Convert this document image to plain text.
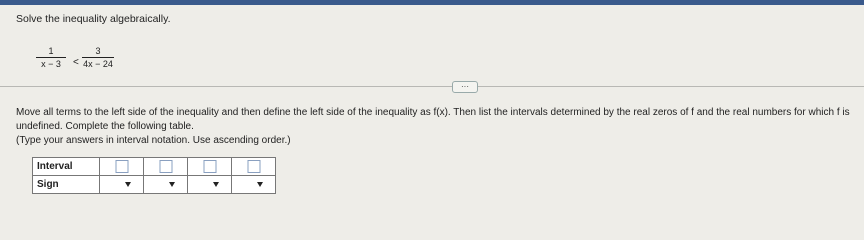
Solve the inequality algebraically.
1
x − 3	<
3
4x − 24
···
Move all terms to the left side of the inequality and then define the left side of the inequality as f(x). Then list the intervals determined by the real zeros of f and the real numbers for which f is
undefined. Complete the following table.
(Type your answers in interval notation. Use ascending order.)
Interval	

Sign	
